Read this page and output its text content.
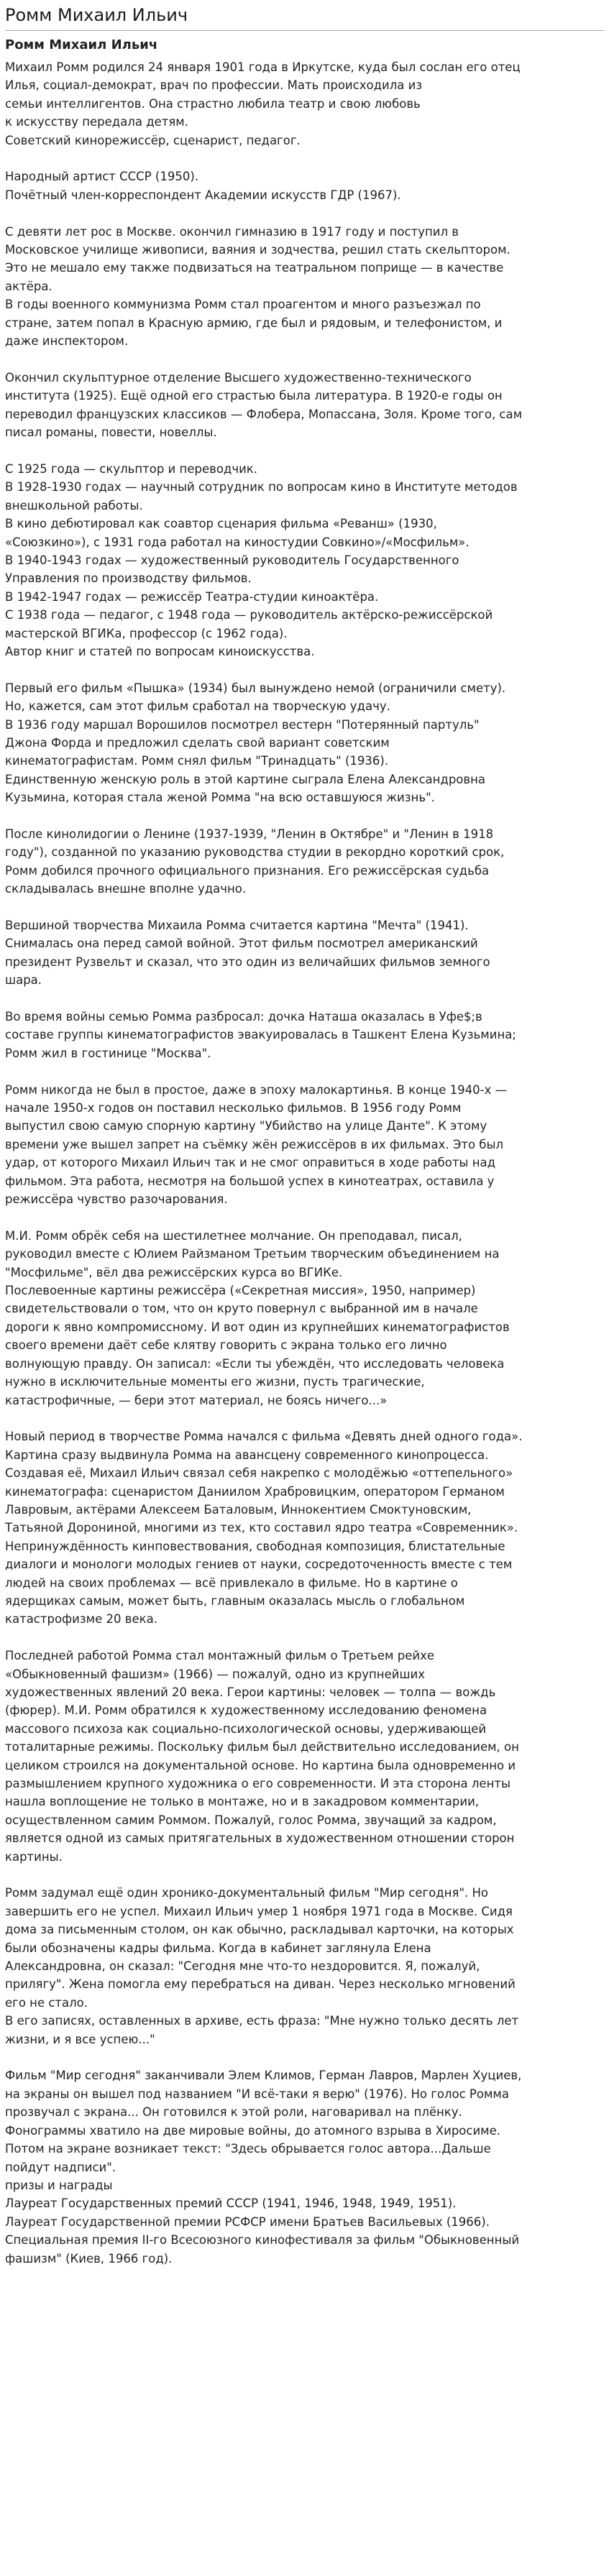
Ромм Михаил Ильич
Ромм Михаил Ильич

Михаил Ромм родился 24 января 1901 года в Иркутске, куда был сослан его отец
Илья, социал-демократ, врач по профессии. Мать происходила из
семьи интеллигентов. Она страстно любила театр и свою любовь
к искусству передала детям.
Советский кинорежиссёр, сценарист, педагог.

Народный артист СССР (1950).
Почётный член-корреспондент Академии искусств ГДР (1967).

С девяти лет рос в Москве. окончил гимназию в 1917 году и поступил в
Московское училище живописи, ваяния и зодчества, решил стать скельптором.
Это не мешало ему также подвизаться на театральном поприще — в качестве
актёра.
В годы военного коммунизма Ромм стал проагентом и много разъезжал по
стране, затем попал в Красную армию, где был и рядовым, и телефонистом, и
даже инспектором.

Окончил скульптурное отделение Высшего художественно-технического
института (1925). Ещё одной его страстью была литература. В 1920-е годы он
переводил французских классиков — Флобера, Мопассана, Золя. Кроме того, сам
писал романы, повести, новеллы.

С 1925 года — скульптор и переводчик.
В 1928-1930 годах — научный сотрудник по вопросам кино в Институте методов
внешкольной работы.
В кино дебютировал как соавтор сценария фильма «Реванш» (1930,
«Союзкино»), с 1931 года работал на киностудии Совкино»/«Мосфильм».
В 1940-1943 годах — художественный руководитель Государственного
Управления по производству фильмов.
В 1942-1947 годах — режиссёр Театра-студии киноактёра.
С 1938 года — педагог, с 1948 года — руководитель актёрско-режиссёрской
мастерской ВГИКа, профессор (с 1962 года).
Автор книг и статей по вопросам киноискусства.

Первый его фильм «Пышка» (1934) был вынуждено немой (ограничили смету).
Но, кажется, сам этот фильм сработал на творческую удачу.
В 1936 году маршал Ворошилов посмотрел вестерн "Потерянный партуль"
Джона Форда и предложил сделать свой вариант советским
кинематографистам. Ромм снял фильм "Тринадцать" (1936).
Единственную женскую роль в этой картине сыграла Елена Александровна
Кузьмина, которая стала женой Ромма "на всю оставшуюся жизнь".

После кинолидогии о Ленине (1937-1939, "Ленин в Октябре" и "Ленин в 1918
году"), созданной по указанию руководства студии в рекордно короткий срок,
Ромм добился прочного официального признания. Его режиссёрская судьба
складывалась внешне вполне удачно.

Вершиной творчества Михаила Ромма считается картина "Мечта" (1941).
Снималась она перед самой войной. Этот фильм посмотрел американский
президент Рузвельт и сказал, что это один из величайших фильмов земного
шара.

Во время войны семью Ромма разбросал: дочка Наташа оказалась в Уфе$;в
составе группы кинематографистов эвакуировалась в Ташкент Елена Кузьмина;
Ромм жил в гостинице "Москва".

Ромм никогда не был в простое, даже в эпоху малокартинья. В конце 1940-х —
начале 1950-х годов он поставил несколько фильмов. В 1956 году Ромм
выпустил свою самую спорную картину "Убийство на улице Данте". К этому
времени уже вышел запрет на съёмку жён режиссёров в их фильмах. Это был
удар, от которого Михаил Ильич так и не смог оправиться в ходе работы над
фильмом. Эта работа, несмотря на большой успех в кинотеатрах, оставила у
режиссёра чувство разочарования.

М.И. Ромм обрёк себя на шестилетнее молчание. Он преподавал, писал,
руководил вместе с Юлием Райзманом Третьим творческим объединением на
"Мосфильме", вёл два режиссёрских курса во ВГИКе.
Послевоенные картины режиссёра («Секретная миссия», 1950, например)
свидетельствовали о том, что он круто повернул с выбранной им в начале
дороги к явно компромиссному. И вот один из крупнейших кинематографистов
своего времени даёт себе клятву говорить с экрана только его лично
волнующую правду. Он записал: «Если ты убеждён, что исследовать человека
нужно в исключительные моменты его жизни, пусть трагические,
катастрофичные, — бери этот материал, не боясь ничего...»

Новый период в творчестве Ромма начался с фильма «Девять дней одного года».
Картина сразу выдвинула Ромма на авансцену современного кинопроцесса.
Создавая её, Михаил Ильич связал себя накрепко с молодёжью «оттепельного»
кинематографа: сценаристом Даниилом Храбровицким, оператором Германом
Лавровым, актёрами Алексеем Баталовым, Иннокентием Смоктуновским,
Татьяной Дорониной, многими из тех, кто составил ядро театра «Современник».
Непринуждённость кинповествования, свободная композиция, блистательные
диалоги и монологи молодых гениев от науки, сосредоточенность вместе с тем
людей на своих проблемах — всё привлекало в фильме. Но в картине о
ядерщиках самым, может быть, главным оказалась мысль о глобальном
катастрофизме 20 века.

Последней работой Ромма стал монтажный фильм о Третьем рейхе
«Обыкновенный фашизм» (1966) — пожалуй, одно из крупнейших
художественных явлений 20 века. Герои картины: человек — толпа — вождь
(фюрер). М.И. Ромм обратился к художественному исследованию феномена
массового психоза как социально-психологической основы, удерживающей
тоталитарные режимы. Поскольку фильм был действительно исследованием, он
целиком строился на документальной основе. Но картина была одновременно и
размышлением крупного художника о его современности. И эта сторона ленты
нашла воплощение не только в монтаже, но и в закадровом комментарии,
осуществленном самим Роммом. Пожалуй, голос Ромма, звучащий за кадром,
является одной из самых притягательных в художественном отношении сторон
картины.

Ромм задумал ещё один хронико-документальный фильм "Мир сегодня". Но
завершить его не успел. Михаил Ильич умер 1 ноября 1971 года в Москве. Сидя
дома за письменным столом, он как обычно, раскладывал карточки, на которых
были обозначены кадры фильма. Когда в кабинет заглянула Елена
Александровна, он сказал: "Сегодня мне что-то нездоровится. Я, пожалуй,
прилягу". Жена помогла ему перебраться на диван. Через несколько мгновений
его не стало.
В его записях, оставленных в архиве, есть фраза: "Мне нужно только десять лет
жизни, и я все успею..."

Фильм "Мир сегодня" заканчивали Элем Климов, Герман Лавров, Марлен Хуциев,
на экраны он вышел под названием "И всё-таки я верю" (1976). Но голос Ромма
прозвучал с экрана... Он готовился к этой роли, наговаривал на плёнку.
Фонограммы хватило на две мировые войны, до атомного взрыва в Хиросиме.
Потом на экране возникает текст: "Здесь обрывается голос автора...Дальше
пойдут надписи".
призы и награды
Лауреат Государственных премий СССР (1941, 1946, 1948, 1949, 1951).
Лауреат Государственной премии РСФСР имени Братьев Васильевых (1966).
Специальная премия II-го Всесоюзного кинофестиваля за фильм "Обыкновенный
фашизм" (Киев, 1966 год).
